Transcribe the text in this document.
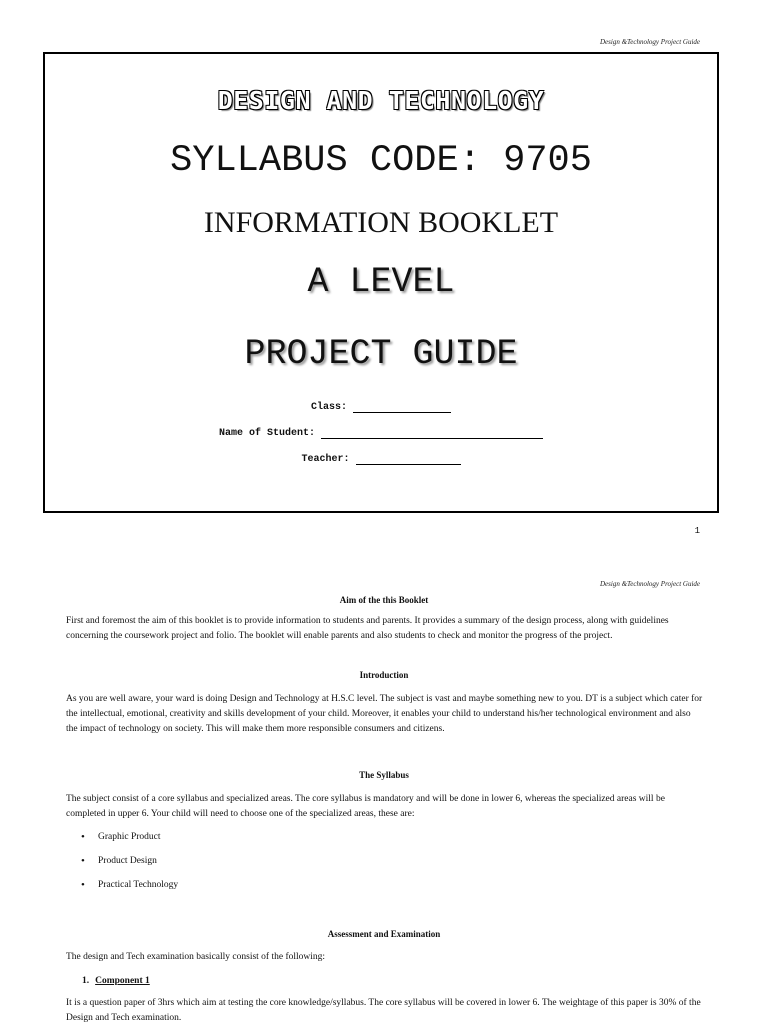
Design &Technology Project Guide
DESIGN AND TECHNOLOGY
SYLLABUS CODE: 9705
INFORMATION BOOKLET
A LEVEL
PROJECT GUIDE
Class:
Name of Student:
Teacher:
1
Design &Technology Project Guide
Aim of the this Booklet
First and foremost the aim of this booklet is to provide information to students and parents. It provides a summary of the design process, along with guidelines concerning the coursework project and folio. The booklet will enable parents and also students to check and monitor the progress of the project.
Introduction
As you are well aware, your ward is doing Design and Technology at H.S.C level. The subject is vast and maybe something new to you. DT is a subject which cater for the intellectual, emotional, creativity and skills development of your child. Moreover, it enables your child to understand his/her technological environment and also the impact of technology on society. This will make them more responsible consumers and citizens.
The Syllabus
The subject consist of a core syllabus and specialized areas. The core syllabus is mandatory and will be done in lower 6, whereas the specialized areas will be completed in upper 6. Your child will need to choose one of the specialized areas, these are:
• Graphic Product
• Product Design
• Practical Technology
Assessment and Examination
The design and Tech examination basically consist of the following:
1. Component 1
It is a question paper of 3hrs which aim at testing the core knowledge/syllabus. The core syllabus will be covered in lower 6. The weightage of this paper is 30% of the Design and Tech examination.
